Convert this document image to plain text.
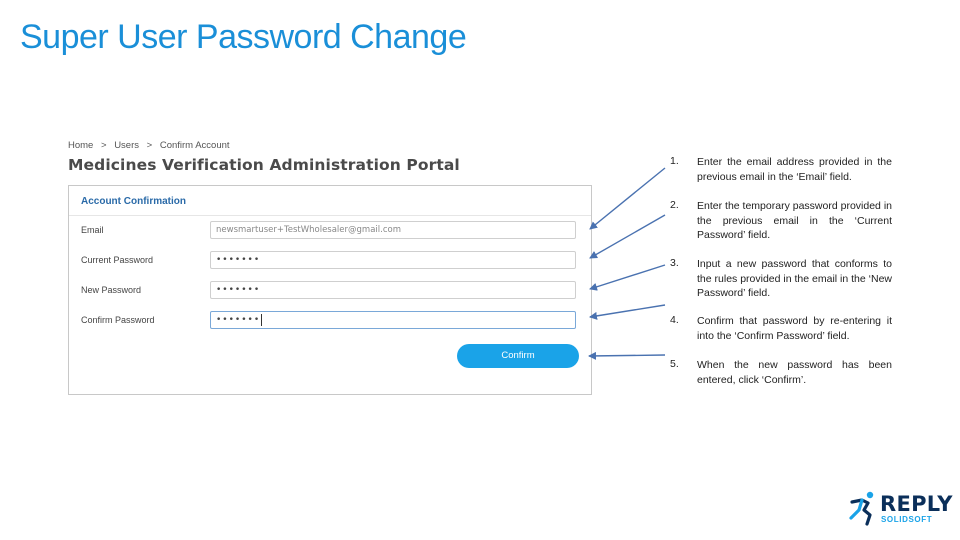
Super User Password Change
Home > Users > Confirm Account
Medicines Verification Administration Portal
Account Confirmation
Email	newsmartuser+TestWholesaler@gmail.com
Current Password	•••••••
New Password	•••••••
Confirm Password	•••••••
Confirm
1. Enter the email address provided in the previous email in the ‘Email’ field.
2. Enter the temporary password provided in the previous email in the ‘Current Password’ field.
3. Input a new password that conforms to the rules provided in the email in the ‘New Password’ field.
4. Confirm that password by re-entering it into the ‘Confirm Password’ field.
5. When the new password has been entered, click ‘Confirm’.
REPLY
SOLIDSOFT
